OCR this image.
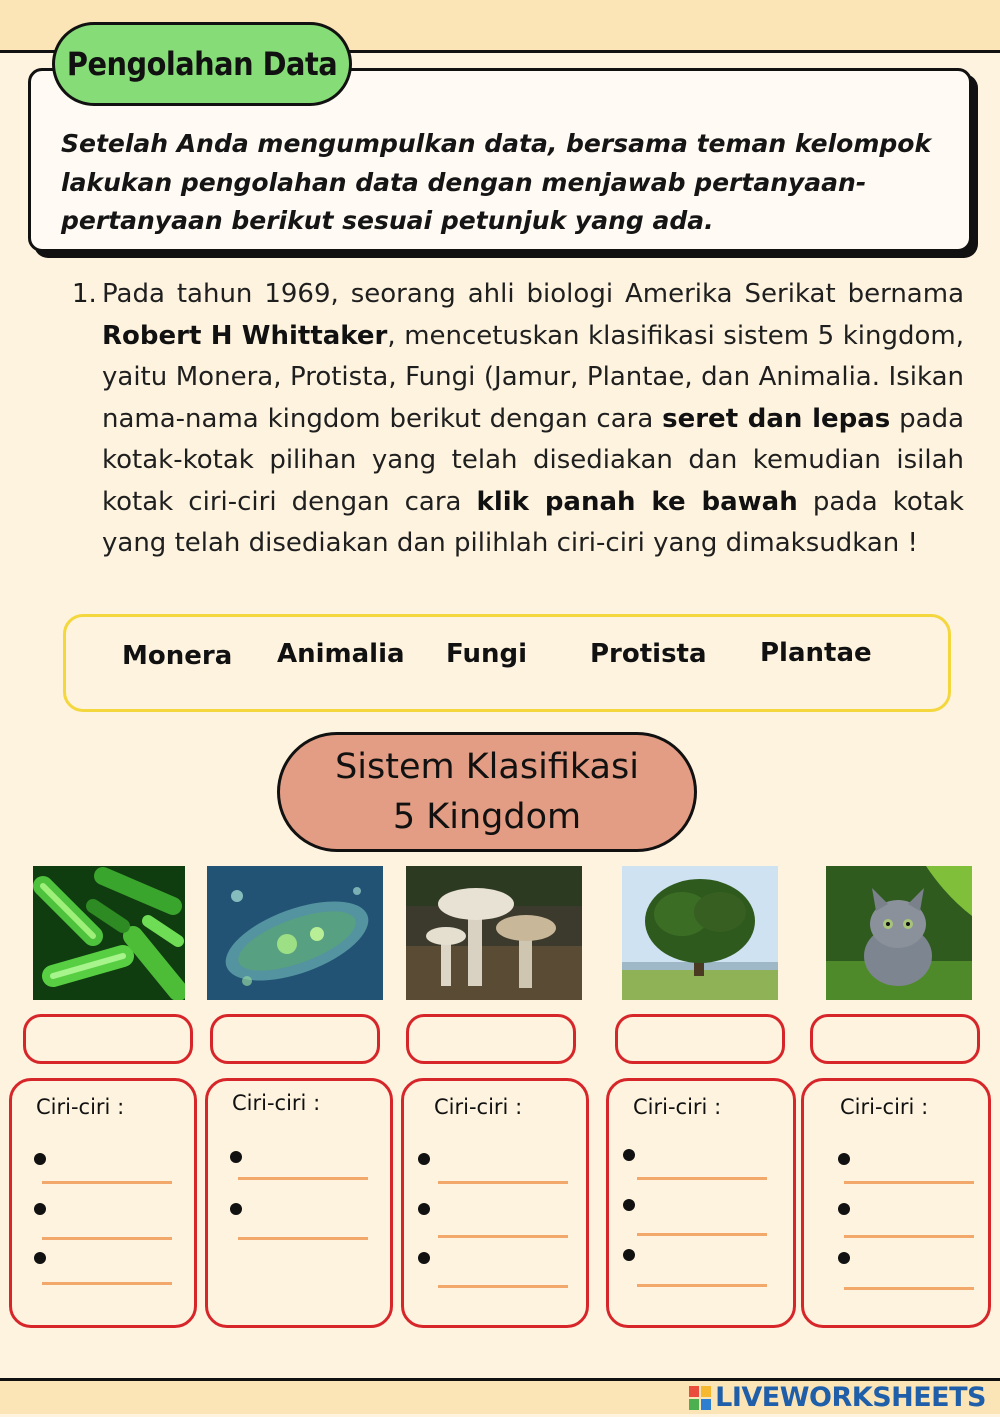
Setelah Anda mengumpulkan data, bersama teman kelompok lakukan pengolahan data dengan menjawab pertanyaan-pertanyaan berikut sesuai petunjuk yang ada.

Pengolahan Data
1. Pada tahun 1969, seorang ahli biologi Amerika Serikat bernama Robert H Whittaker, mencetuskan klasifikasi sistem 5 kingdom, yaitu Monera, Protista, Fungi (Jamur, Plantae, dan Animalia. Isikan nama-nama kingdom berikut dengan cara seret dan lepas pada kotak-kotak pilihan yang telah disediakan dan kemudian isilah kotak ciri-ciri dengan cara klik panah ke bawah pada kotak yang telah disediakan dan pilihlah ciri-ciri yang dimaksudkan !

Monera Animalia Fungi Protista Plantae
Sistem Klasifikasi
5 Kingdom
Ciri-ciri :	Ciri-ciri :	Ciri-ciri :	Ciri-ciri :	Ciri-ciri :
LIVEWORKSHEETS
